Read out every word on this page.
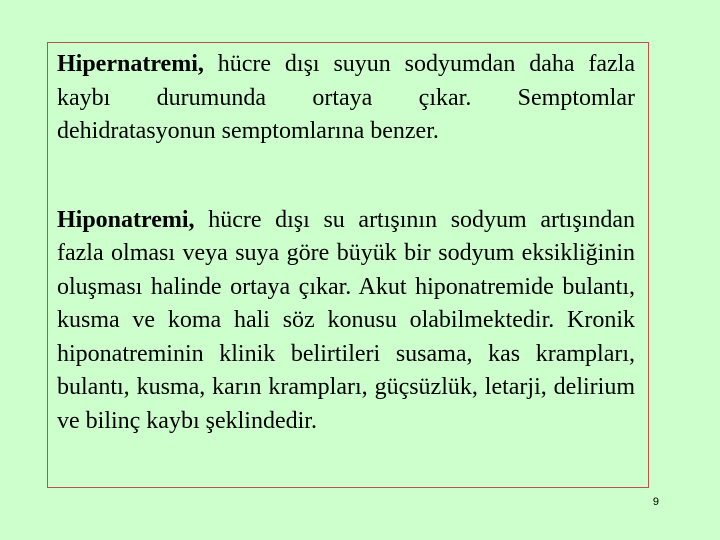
Hipernatremi, hücre dışı suyun sodyumdan daha fazla kaybı durumunda ortaya çıkar. Semptomlar dehidratasyonun semptomlarına benzer.

Hiponatremi, hücre dışı su artışının sodyum artışından fazla olması veya suya göre büyük bir sodyum eksikliğinin oluşması halinde ortaya çıkar. Akut hiponatremide bulantı, kusma ve koma hali söz konusu olabilmektedir. Kronik hiponatreminin klinik belirtileri susama, kas krampları, bulantı, kusma, karın krampları, güçsüzlük, letarji, delirium ve bilinç kaybı şeklindedir.

9
